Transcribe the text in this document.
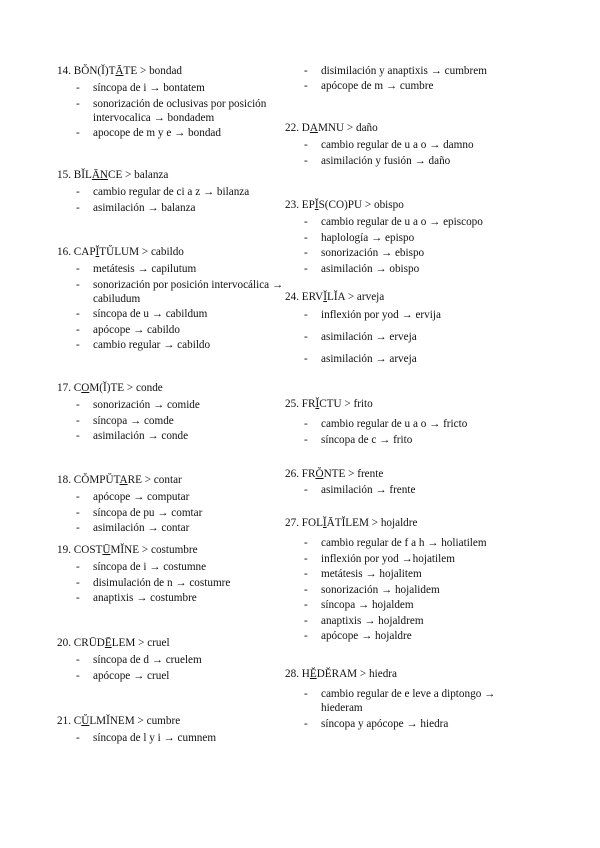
14. BŎN(Ĭ)TĀTE > bondad
- síncopa de i → bontatem
- sonorización de oclusivas por posición intervocalica → bondadem
- apocope de m y e → bondad
15. BĬLĀNCE > balanza
- cambio regular de ci a z → bilanza
- asimilación → balanza
16. CAPĬTŬLUM > cabildo
- metátesis → capilutum
- sonorización por posición intervocálica → cabiludum
- síncopa de u → cabildum
- apócope → cabildo
- cambio regular → cabildo
17. COM(Ĭ)TE > conde
- sonorización → comide
- síncopa → comde
- asimilación → conde
18. CŎMPŬTARE > contar
- apócope → computar
- síncopa de pu → comtar
- asimilación → contar
19. COSTŪMĬNE > costumbre
- síncopa de i → costumne
- disimulación de n → costumre
- anaptixis → costumbre
20. CRŪDĒLEM > cruel
- síncopa de d → cruelem
- apócope → cruel
21. CŬLMĬNEM > cumbre
- síncopa de l y i → cumnem
- disimilación y anaptixis → cumbrem
- apócope de m → cumbre
22. DAMNU > daño
- cambio regular de u a o → damno
- asimilación y fusión → daño
23. EPĬS(CO)PU > obispo
- cambio regular de u a o → episcopo
- haplología → epispo
- sonorización → ebispo
- asimilación → obispo
24. ERVĬLĬA > arveja
- inflexión por yod → ervija
- asimilación → erveja
- asimilación → arveja
25. FRĬCTU > frito
- cambio regular de u a o → fricto
- síncopa de c → frito
26. FRŎNTE > frente
- asimilación → frente
27. FOLĬĀTĬLEM > hojaldre
- cambio regular de f a h → holiatilem
- inflexión por yod →hojatilem
- metátesis → hojalitem
- sonorización → hojalidem
- síncopa → hojaldem
- anaptixis → hojaldrem
- apócope → hojaldre
28. HĔDĔRAM > hiedra
- cambio regular de e leve a diptongo → hiederam
- síncopa y apócope → hiedra
